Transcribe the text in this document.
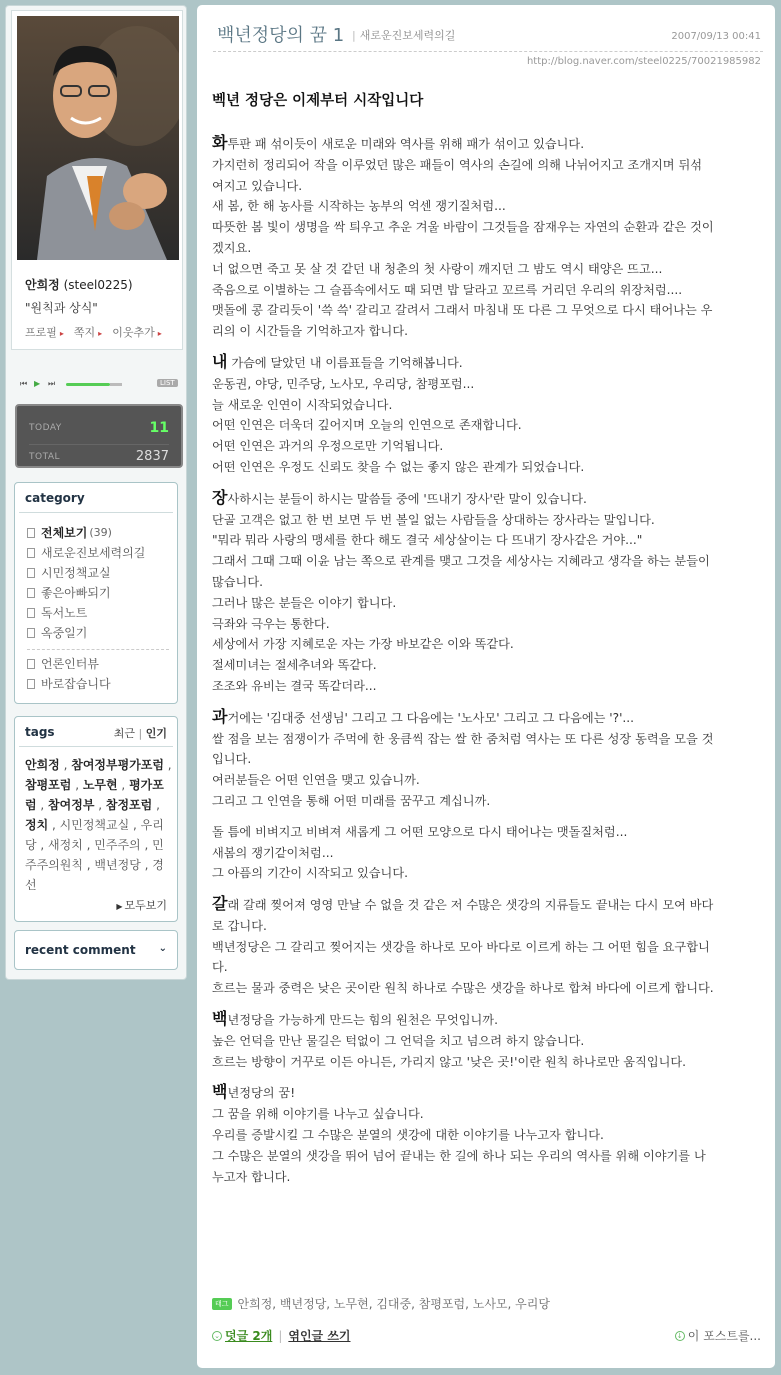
안희정 (steel0225)
"원칙과 상식"
프로필 ▸ 쪽지 ▸ 이웃추가 ▸
⏮ ▶ ⏭	LIST
TODAY	11
TOTAL	2837
category
전체보기 (39)
새로운진보세력의길
시민정책교실
좋은아빠되기
독서노트
옥중일기
언론인터뷰
바로잡습니다
tags	최근 | 인기
안희정 , 참여정부평가포럼 , 참평포럼 , 노무현 , 평가포럼 , 참여정부 , 참정포럼 , 정치 , 시민정책교실 , 우리당 , 새정치 , 민주주의 , 민주주의원칙 , 백년정당 , 경선
▶ 모두보기
recent comment ⌄
백년정당의 꿈 1 | 새로운진보세력의길	2007/09/13 00:41
http://blog.naver.com/steel0225/70021985982
벡년 정당은 이제부터 시작입니다
화투판 패 섞이듯이 새로운 미래와 역사를 위해 패가 섞이고 있습니다.
가지런히 정리되어 작을 이루었던 많은 패들이 역사의 손길에 의해 나뉘어지고 조개지며 뒤섞
여지고 있습니다.
새 봄, 한 해 농사를 시작하는 농부의 억센 쟁기질처럼...
따뜻한 봄 빛이 생명을 싹 틔우고 추운 겨울 바람이 그것들을 잠재우는 자연의 순환과 같은 것이
겠지요.
너 없으면 죽고 못 살 것 같던 내 청춘의 첫 사랑이 깨지던 그 밤도 역시 태양은 뜨고...
죽음으로 이별하는 그 슬픔속에서도 때 되면 밥 달라고 꼬르륵 거리던 우리의 위장처럼....
맷돌에 콩 갈리듯이 '쓱 쓱' 갈리고 갈려서 그래서 마침내 또 다른 그 무엇으로 다시 태어나는 우
리의 이 시간들을 기억하고자 합니다.
내 가슴에 달았던 내 이름표들을 기억해봅니다.
운동권, 야당, 민주당, 노사모, 우리당, 참평포럼...
늘 새로운 인연이 시작되었습니다.
어떤 인연은 더욱더 깊어지며 오늘의 인연으로 존재합니다.
어떤 인연은 과거의 우정으로만 기억됩니다.
어떤 인연은 우정도 신뢰도 찾을 수 없는 좋지 않은 관계가 되었습니다.
장사하시는 분들이 하시는 말씀들 중에 '뜨내기 장사'란 말이 있습니다.
단골 고객은 없고 한 번 보면 두 번 볼일 없는 사람들을 상대하는 장사라는 말입니다.
"뭐라 뭐라 사랑의 맹세를 한다 해도 결국 세상살이는 다 뜨내기 장사같은 거야..."
그래서 그때 그때 이윤 남는 쪽으로 관계를 맺고 그것을 세상사는 지혜라고 생각을 하는 분들이
많습니다.
그러나 많은 분들은 이야기 합니다.
극좌와 극우는 통한다.
세상에서 가장 지혜로운 자는 가장 바보같은 이와 똑같다.
절세미녀는 절세추녀와 똑같다.
조조와 유비는 결국 똑같더라...
과거에는 '김대중 선생님' 그리고 그 다음에는 '노사모' 그리고 그 다음에는 '?'...
쌀 점을 보는 점쟁이가 주먹에 한 웅큼씩 잡는 쌀 한 줌처럼 역사는 또 다른 성장 동력을 모을 것
입니다.
여러분들은 어떤 인연을 맺고 있습니까.
그리고 그 인연을 통해 어떤 미래를 꿈꾸고 계십니까.
돌 틈에 비벼지고 비벼져 새롭게 그 어떤 모양으로 다시 태어나는 맷돌질처럼...
새봄의 쟁기같이처럼...
그 아픔의 기간이 시작되고 있습니다.
갈래 갈래 찢어져 영영 만날 수 없을 것 같은 저 수많은 샛강의 지류들도 끝내는 다시 모여 바다
로 갑니다.
백년정당은 그 갈리고 찢어지는 샛강을 하나로 모아 바다로 이르게 하는 그 어떤 힘을 요구합니
다.
흐르는 물과 중력은 낮은 곳이란 원칙 하나로 수많은 샛강을 하나로 합쳐 바다에 이르게 합니다.
백년정당을 가능하게 만드는 힘의 원천은 무엇입니까.
높은 언덕을 만난 물길은 턱없이 그 언덕을 치고 넘으려 하지 않습니다.
흐르는 방향이 거꾸로 이든 아니든, 가리지 않고 '낮은 곳!'이란 원칙 하나로만 움직입니다.
백년정당의 꿈!
그 꿈을 위해 이야기를 나누고 싶습니다.
우리를 증발시킬 그 수많은 분열의 샛강에 대한 이야기를 나누고자 합니다.
그 수많은 분열의 샛강을 뛰어 넘어 끝내는 한 길에 하나 되는 우리의 역사를 위해 이야기를 나
누고자 합니다.
태그 안희정, 백년정당, 노무현, 김대중, 참평포럼, 노사모, 우리당
⌄ 덧글 2개 | 엮인글 쓰기	↓ 이 포스트를...
